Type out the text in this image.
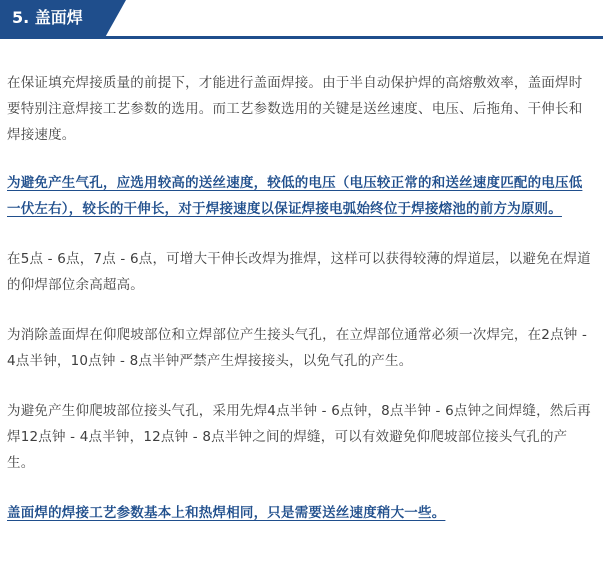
5. 盖面焊

在保证填充焊接质量的前提下，才能进行盖面焊接。由于半自动保护焊的高熔敷效率，盖面焊时要特别注意焊接工艺参数的选用。而工艺参数选用的关键是送丝速度、电压、后拖角、干伸长和焊接速度。

为避免产生气孔，应选用较高的送丝速度，较低的电压（电压较正常的和送丝速度匹配的电压低一伏左右），较长的干伸长，对于焊接速度以保证焊接电弧始终位于焊接熔池的前方为原则。

在5点 - 6点，7点 - 6点，可增大干伸长改焊为推焊，这样可以获得较薄的焊道层，以避免在焊道的仰焊部位余高超高。

为消除盖面焊在仰爬坡部位和立焊部位产生接头气孔，在立焊部位通常必须一次焊完，在2点钟 - 4点半钟，10点钟 - 8点半钟严禁产生焊接接头，以免气孔的产生。

为避免产生仰爬坡部位接头气孔，采用先焊4点半钟 - 6点钟，8点半钟 - 6点钟之间焊缝，然后再焊12点钟 - 4点半钟，12点钟 - 8点半钟之间的焊缝，可以有效避免仰爬坡部位接头气孔的产生。

盖面焊的焊接工艺参数基本上和热焊相同，只是需要送丝速度稍大一些。
